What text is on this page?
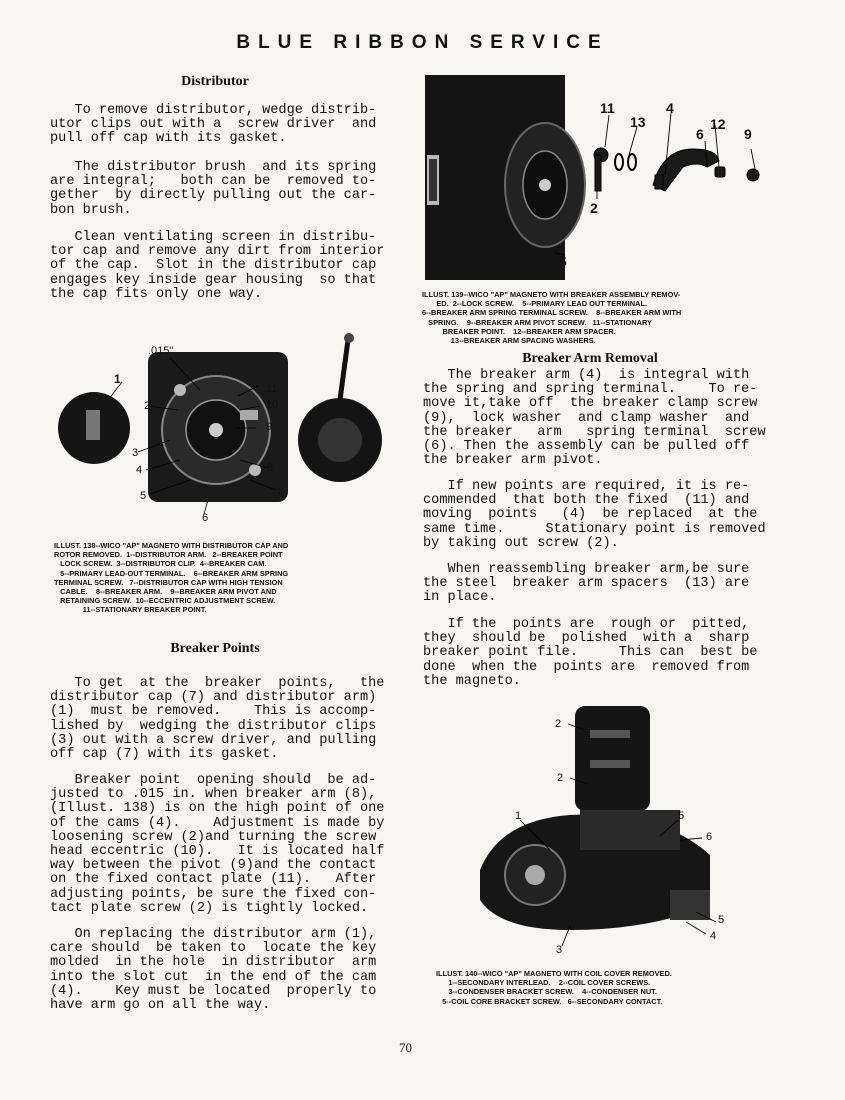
BLUE RIBBON SERVICE
Distributor
To remove distributor, wedge distrib-
utor clips out with a  screw driver  and
pull off cap with its gasket.
The distributor brush  and its spring
are integral;   both can be  removed to-
gether  by directly pulling out the car-
bon brush.
Clean ventilating screen in distribu-
tor cap and remove any dirt from interior
of the cap.  Slot in the distributor cap
engages key inside gear housing  so that
the cap fits only one way.
.015"
1
2
3
4
5
6
7
8
9
10
11
ILLUST. 138--WICO "AP" MAGNETO WITH DISTRIBUTOR CAP AND
ROTOR REMOVED.  1--DISTRIBUTOR ARM.   2--BREAKER POINT
LOCK SCREW.  3--DISTRIBUTOR CLIP.  4--BREAKER CAM.
5--PRIMARY LEAD-OUT TERMINAL.    6--BREAKER ARM SPRING
TERMINAL SCREW.   7--DISTRIBUTOR CAP WITH HIGH TENSION
CABLE.    8--BREAKER ARM.    9--BREAKER ARM PIVOT AND
RETAINING SCREW.  10--ECCENTRIC ADJUSTMENT SCREW.
11--STATIONARY BREAKER POINT.
Breaker Points
To get  at the  breaker  points,   the
distributor cap (7) and distributor arm)
(1)  must be removed.    This is accomp-
lished by  wedging the distributor clips
(3) out with a screw driver, and pulling
off cap (7) with its gasket.
Breaker point  opening should  be ad-
justed to .015 in. when breaker arm (8),
(Illust. 138) is on the high point of one
of the cams (4).    Adjustment is made by
loosening screw (2)and turning the screw
head eccentric (10).   It is located half
way between the pivot (9)and the contact
on the fixed contact plate (11).   After
adjusting points, be sure the fixed con-
tact plate screw (2) is tightly locked.
On replacing the distributor arm (1),
care should  be taken to  locate the key
molded  in the hole  in distributor  arm
into the slot cut  in the end of the cam
(4).    Key must be located  properly to
have arm go on all the way.
11	4
13	12
6	9
2
5
ILLUST. 139--WICO "AP" MAGNETO WITH BREAKER ASSEMBLY REMOV-
ED.  2--LOCK SCREW.    5--PRIMARY LEAD OUT TERMINAL.
6--BREAKER ARM SPRING TERMINAL SCREW.    8--BREAKER ARM WITH
SPRING.    9--BREAKER ARM PIVOT SCREW.   11--STATIONARY
BREAKER POINT.    12--BREAKER ARM SPACER.
13--BREAKER ARM SPACING WASHERS.
Breaker Arm Removal
The breaker arm (4)  is integral with
the spring and spring terminal.    To re-
move it,take off  the breaker clamp screw
(9),  lock washer  and clamp washer  and
the breaker   arm   spring terminal  screw
(6). Then the assembly can be pulled off
the breaker arm pivot.
If new points are required, it is re-
commended  that both the fixed  (11) and
moving  points   (4)  be replaced  at the
same time.     Stationary point is removed
by taking out screw (2).
When reassembling breaker arm,be sure
the steel  breaker arm spacers  (13) are
in place.
If the  points are  rough or  pitted,
they  should be  polished  with a  sharp
breaker point file.     This can  best be
done  when the  points are  removed from
the magneto.
2
2
1	5
6
5
4
3
ILLUST. 140--WICO "AP" MAGNETO WITH COIL COVER REMOVED.
1--SECONDARY INTERLEAD.    2--COIL COVER SCREWS.
3--CONDENSER BRACKET SCREW.    4--CONDENSER NUT.
5--COIL CORE BRACKET SCREW.   6--SECONDARY CONTACT.
70
